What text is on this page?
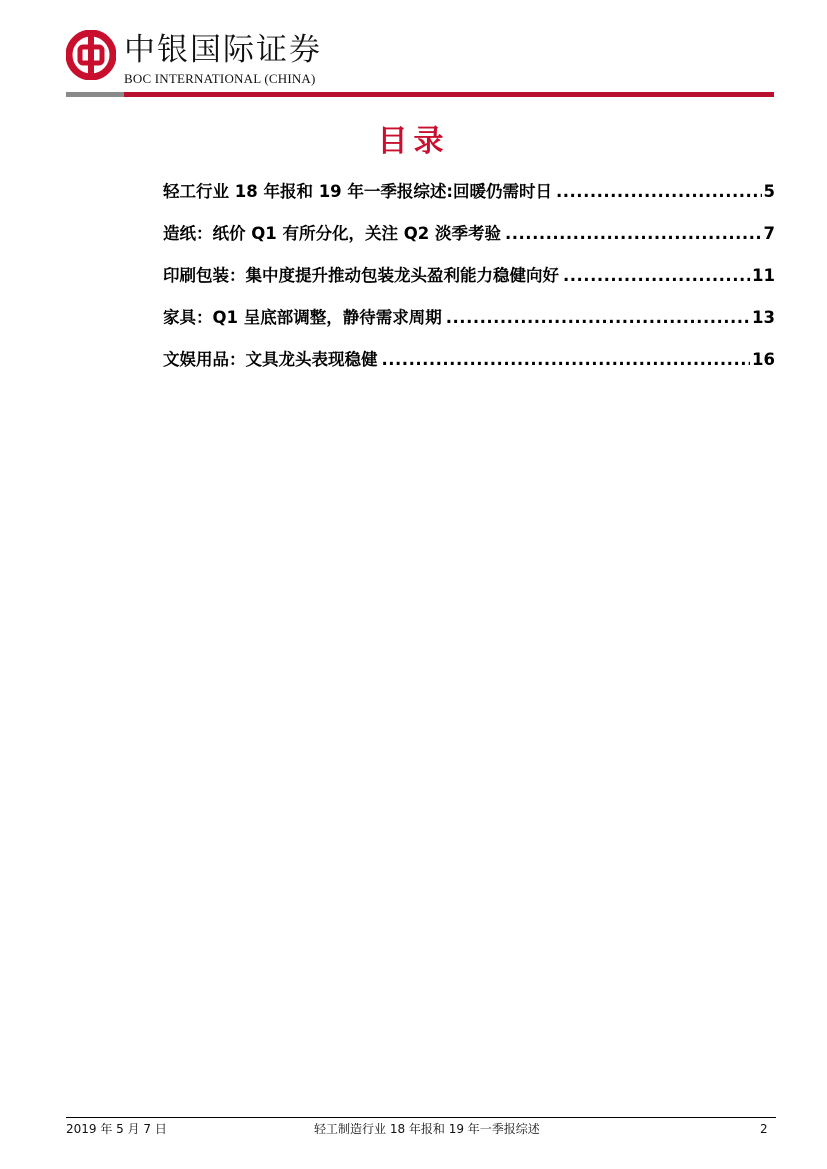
中银国际证券
BOC INTERNATIONAL (CHINA)
目录
轻工行业 18 年报和 19 年一季报综述:回暖仍需时日 .....	5
造纸：纸价 Q1 有所分化，关注 Q2 淡季考验 .....	7
印刷包装：集中度提升推动包装龙头盈利能力稳健向好 .....	11
家具：Q1 呈底部调整，静待需求周期 .....	13
文娱用品：文具龙头表现稳健 .....	16
2019 年 5 月 7 日	轻工制造行业 18 年报和 19 年一季报综述	2
